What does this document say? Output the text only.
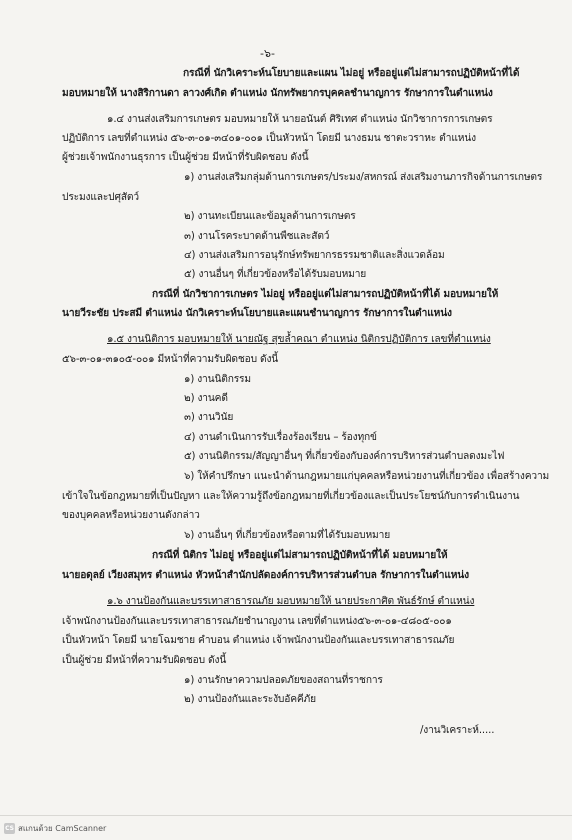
-๖-
กรณีที่ นักวิเคราะห์นโยบายและแผน ไม่อยู่ หรืออยู่แต่ไม่สามารถปฏิบัติหน้าที่ได้
มอบหมายให้ นางสิริกานดา ลาวงศ์เกิด ตำแหน่ง นักทรัพยากรบุคคลชำนาญการ รักษาการในตำแหน่ง
๑.๔ งานส่งเสริมการเกษตร มอบหมายให้ นายอนันต์ ศิริเทศ ตำแหน่ง นักวิชาการการเกษตร
ปฏิบัติการ เลขที่ตำแหน่ง ๕๖-๓-๐๑-๓๔๐๑-๐๐๑ เป็นหัวหน้า โดยมี นางธมน ชาตะวราหะ ตำแหน่ง
ผู้ช่วยเจ้าพนักงานธุรการ เป็นผู้ช่วย มีหน้าที่รับผิดชอบ ดังนี้
๑) งานส่งเสริมกลุ่มด้านการเกษตร/ประมง/สหกรณ์ ส่งเสริมงานภารกิจด้านการเกษตร
ประมงและปศุสัตว์
๒) งานทะเบียนและข้อมูลด้านการเกษตร
๓) งานโรคระบาดด้านพืชและสัตว์
๔) งานส่งเสริมการอนุรักษ์ทรัพยากรธรรมชาติและสิ่งแวดล้อม
๕) งานอื่นๆ ที่เกี่ยวข้องหรือได้รับมอบหมาย
กรณีที่ นักวิชาการเกษตร ไม่อยู่ หรืออยู่แต่ไม่สามารถปฏิบัติหน้าที่ได้ มอบหมายให้
นายวีระชัย ประสมี ตำแหน่ง นักวิเคราะห์นโยบายและแผนชำนาญการ รักษาการในตำแหน่ง
๑.๕ งานนิติการ มอบหมายให้ นายณัฐ สุขล้ำคณา ตำแหน่ง นิติกรปฏิบัติการ เลขที่ตำแหน่ง
๕๖-๓-๐๑-๓๑๐๕-๐๐๑ มีหน้าที่ความรับผิดชอบ ดังนี้
๑) งานนิติกรรม
๒) งานคดี
๓) งานวินัย
๔) งานดำเนินการรับเรื่องร้องเรียน – ร้องทุกข์
๕) งานนิติกรรม/สัญญาอื่นๆ ที่เกี่ยวข้องกับองค์การบริหารส่วนตำบลดงมะไฟ
๖) ให้คำปรึกษา แนะนำด้านกฎหมายแก่บุคคลหรือหน่วยงานที่เกี่ยวข้อง เพื่อสร้างความ
เข้าใจในข้อกฎหมายที่เป็นปัญหา และให้ความรู้ถึงข้อกฎหมายที่เกี่ยวข้องและเป็นประโยชน์กับการดำเนินงาน
ของบุคคลหรือหน่วยงานดังกล่าว
๖) งานอื่นๆ ที่เกี่ยวข้องหรือตามที่ได้รับมอบหมาย
กรณีที่ นิติกร ไม่อยู่ หรืออยู่แต่ไม่สามารถปฏิบัติหน้าที่ได้ มอบหมายให้
นายอดุลย์ เวียงสมุทร ตำแหน่ง หัวหน้าสำนักปลัดองค์การบริหารส่วนตำบล รักษาการในตำแหน่ง
๑.๖ งานป้องกันและบรรเทาสาธารณภัย มอบหมายให้ นายประกาศิต พันธ์รักษ์ ตำแหน่ง
เจ้าพนักงานป้องกันและบรรเทาสาธารณภัยชำนาญงาน เลขที่ตำแหน่ง๕๖-๓-๐๑-๔๘๐๕-๐๐๑
เป็นหัวหน้า โดยมี นายโฉมชาย คำบอน ตำแหน่ง เจ้าพนักงานป้องกันและบรรเทาสาธารณภัย
เป็นผู้ช่วย มีหน้าที่ความรับผิดชอบ ดังนี้
๑) งานรักษาความปลอดภัยของสถานที่ราชการ
๒) งานป้องกันและระงับอัคคีภัย
/งานวิเคราะห์.....
CS สแกนด้วย CamScanner
